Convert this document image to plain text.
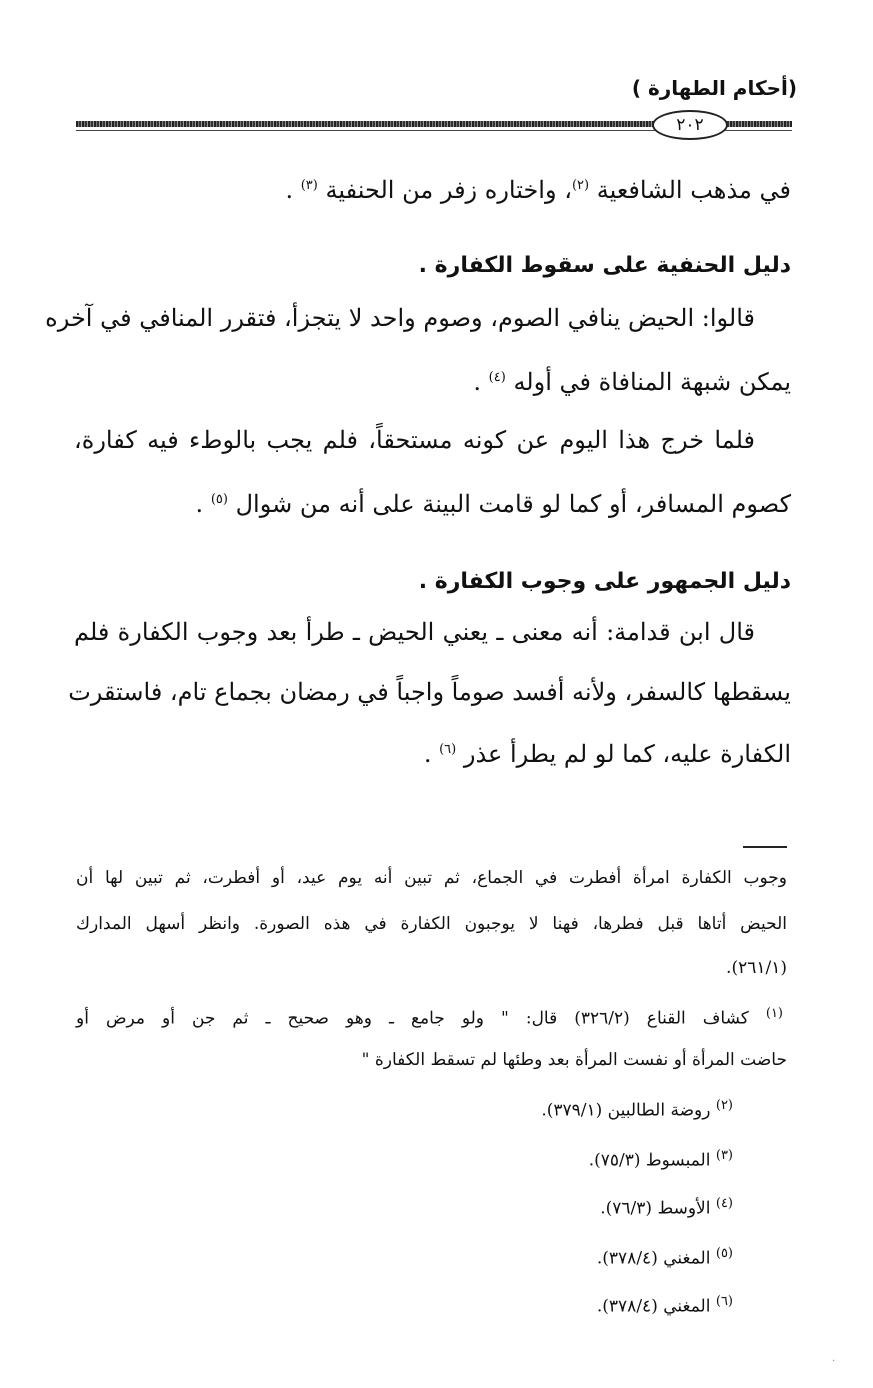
(أحكام الطهارة )
٢٠٢
في مذهب الشافعية $^{(٢)}$، واختاره زفر من الحنفية $^{(٣)}$ .
دليل الحنفية على سقوط الكفارة .
قالوا: الحيض ينافي الصوم، وصوم واحد لا يتجزأ، فتقرر المنافي في آخره
يمكن شبهة المنافاة في أوله $^{(٤)}$ .
فلما خرج هذا اليوم عن كونه مستحقاً، فلم يجب بالوطء فيه كفارة،
كصوم المسافر، أو كما لو قامت البينة على أنه من شوال $^{(٥)}$ .
دليل الجمهور على وجوب الكفارة .
قال ابن قدامة: أنه معنى ـ يعني الحيض ـ طرأ بعد وجوب الكفارة فلم
يسقطها كالسفر، ولأنه أفسد صوماً واجباً في رمضان بجماع تام، فاستقرت
الكفارة عليه، كما لو لم يطرأ عذر $^{(٦)}$ .
وجوب الكفارة امرأة أفطرت في الجماع، ثم تبين أنه يوم عيد، أو أفطرت، ثم تبين لها أن
الحيض أتاها قبل فطرها، فهنا لا يوجبون الكفارة في هذه الصورة. وانظر أسهل المدارك
(٢٦١/١).
$^{(١)}$ كشاف القناع (٣٢٦/٢) قال: " ولو جامع ـ وهو صحيح ـ ثم جن أو مرض أو
حاضت المرأة أو نفست المرأة بعد وطئها لم تسقط الكفارة "
$^{(٢)}$ روضة الطالبين (٣٧٩/١).
$^{(٣)}$ المبسوط (٧٥/٣).
$^{(٤)}$ الأوسط (٧٦/٣).
$^{(٥)}$ المغني (٣٧٨/٤).
$^{(٦)}$ المغني (٣٧٨/٤).
·
